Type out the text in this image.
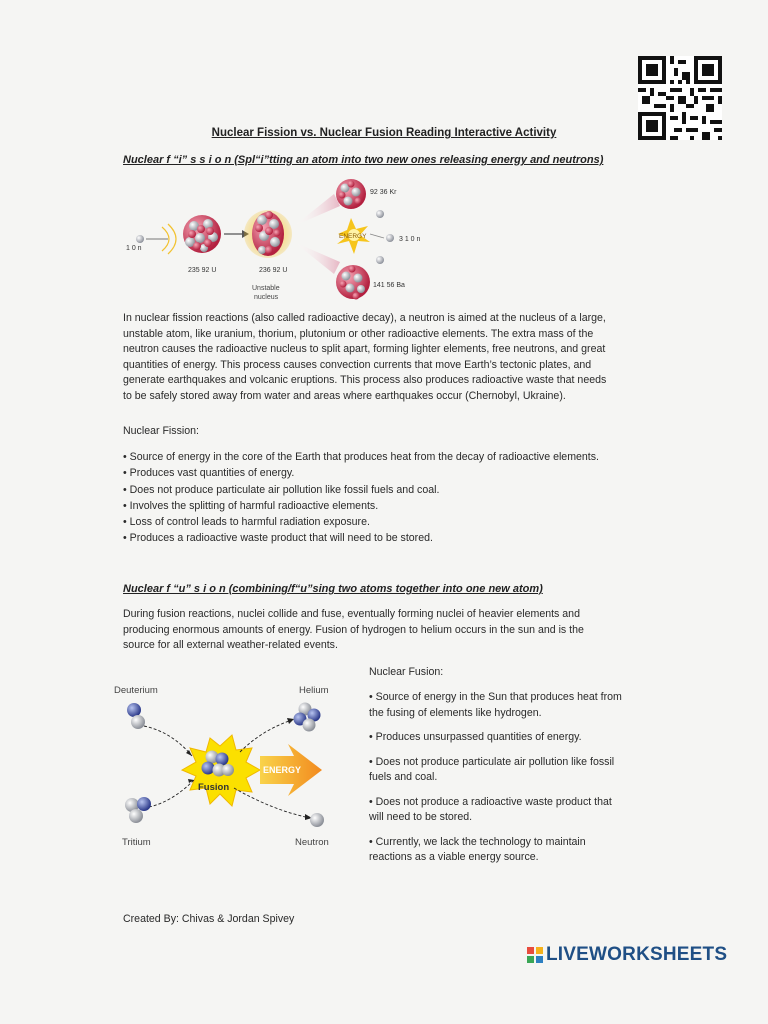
Nuclear Fission vs. Nuclear Fusion Reading Interactive Activity
Nuclear f “i” s s i o n (Spl“i”tting an atom into two new ones releasing energy and neutrons)
1 0 n
235 92 U	236 92 U
Unstable
nucleus
ENERGY
92 36 Kr
141 56 Ba
3 1 0 n
In nuclear fission reactions (also called radioactive decay), a neutron is aimed at the nucleus of a large,
unstable atom, like uranium, thorium, plutonium or other radioactive elements. The extra mass of the
neutron causes the radioactive nucleus to split apart, forming lighter elements, free neutrons, and great
quantities of energy. This process causes convection currents that move Earth’s tectonic plates, and
generate earthquakes and volcanic eruptions. This process also produces radioactive waste that needs
to be safely stored away from water and areas where earthquakes occur (Chernobyl, Ukraine).
Nuclear Fission:
• Source of energy in the core of the Earth that produces heat from the decay of radioactive elements.
• Produces vast quantities of energy.
• Does not produce particulate air pollution like fossil fuels and coal.
• Involves the splitting of harmful radioactive elements.
• Loss of control leads to harmful radiation exposure.
• Produces a radioactive waste product that will need to be stored.
Nuclear f “u” s i o n (combining/f“u”sing two atoms together into one new atom)
During fusion reactions, nuclei collide and fuse, eventually forming nuclei of heavier elements and
producing enormous amounts of energy. Fusion of hydrogen to helium occurs in the sun and is the
source for all external weather-related events.
Deuterium	Helium
Fusion
ENERGY
Tritium	Neutron
Nuclear Fusion:
• Source of energy in the Sun that produces heat from
the fusing of elements like hydrogen.
• Produces unsurpassed quantities of energy.
• Does not produce particulate air pollution like fossil
fuels and coal.
• Does not produce a radioactive waste product that
will need to be stored.
• Currently, we lack the technology to maintain
reactions as a viable energy source.
Created By: Chivas & Jordan Spivey
LIVEWORKSHEETS
